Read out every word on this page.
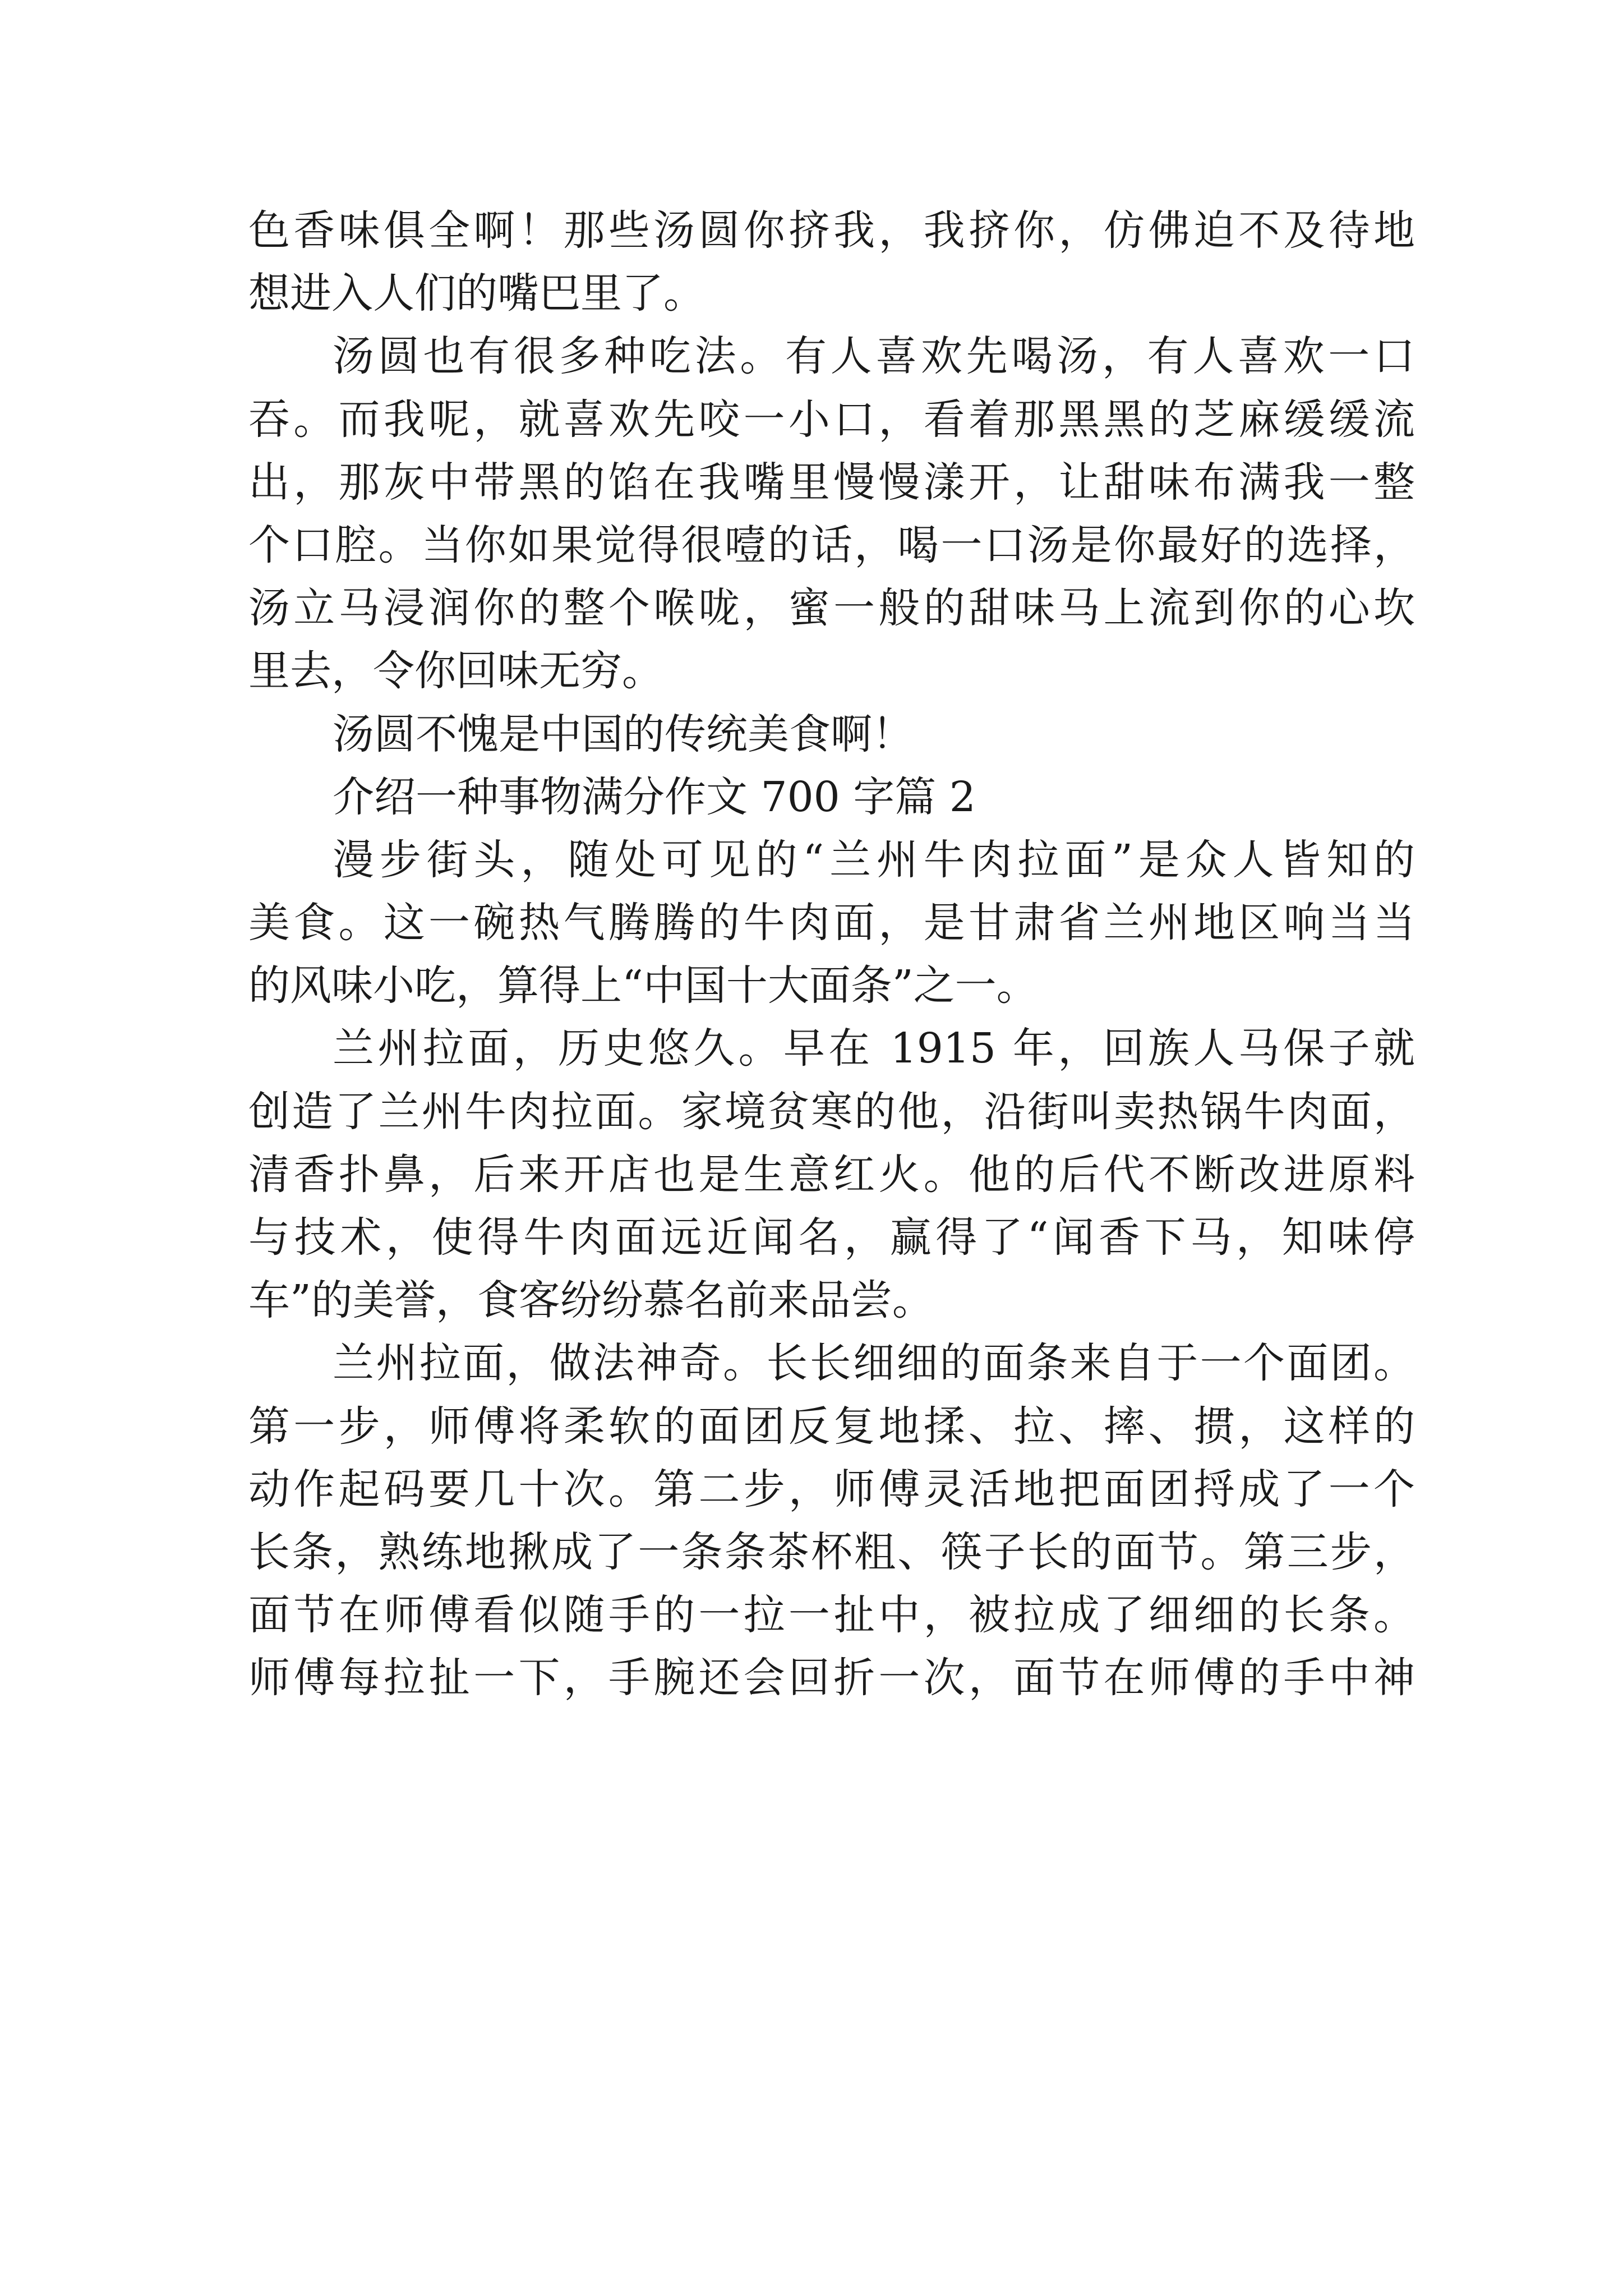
色香味俱全啊！那些汤圆你挤我，我挤你，仿佛迫不及待地
想进入人们的嘴巴里了。
汤圆也有很多种吃法。有人喜欢先喝汤，有人喜欢一口
吞。而我呢，就喜欢先咬一小口，看着那黑黑的芝麻缓缓流
出，那灰中带黑的馅在我嘴里慢慢漾开，让甜味布满我一整
个口腔。当你如果觉得很噎的话，喝一口汤是你最好的选择，
汤立马浸润你的整个喉咙，蜜一般的甜味马上流到你的心坎
里去，令你回味无穷。
汤圆不愧是中国的传统美食啊！
介绍一种事物满分作文 700 字篇 2
漫步街头，随处可见的“兰州牛肉拉面”是众人皆知的
美食。这一碗热气腾腾的牛肉面，是甘肃省兰州地区响当当
的风味小吃，算得上“中国十大面条”之一。
兰州拉面，历史悠久。早在 1915 年，回族人马保子就
创造了兰州牛肉拉面。家境贫寒的他，沿街叫卖热锅牛肉面，
清香扑鼻，后来开店也是生意红火。他的后代不断改进原料
与技术，使得牛肉面远近闻名，赢得了“闻香下马，知味停
车”的美誉，食客纷纷慕名前来品尝。
兰州拉面，做法神奇。长长细细的面条来自于一个面团。
第一步，师傅将柔软的面团反复地揉、拉、摔、掼，这样的
动作起码要几十次。第二步，师傅灵活地把面团捋成了一个
长条，熟练地揪成了一条条茶杯粗、筷子长的面节。第三步，
面节在师傅看似随手的一拉一扯中，被拉成了细细的长条。
师傅每拉扯一下，手腕还会回折一次，面节在师傅的手中神
